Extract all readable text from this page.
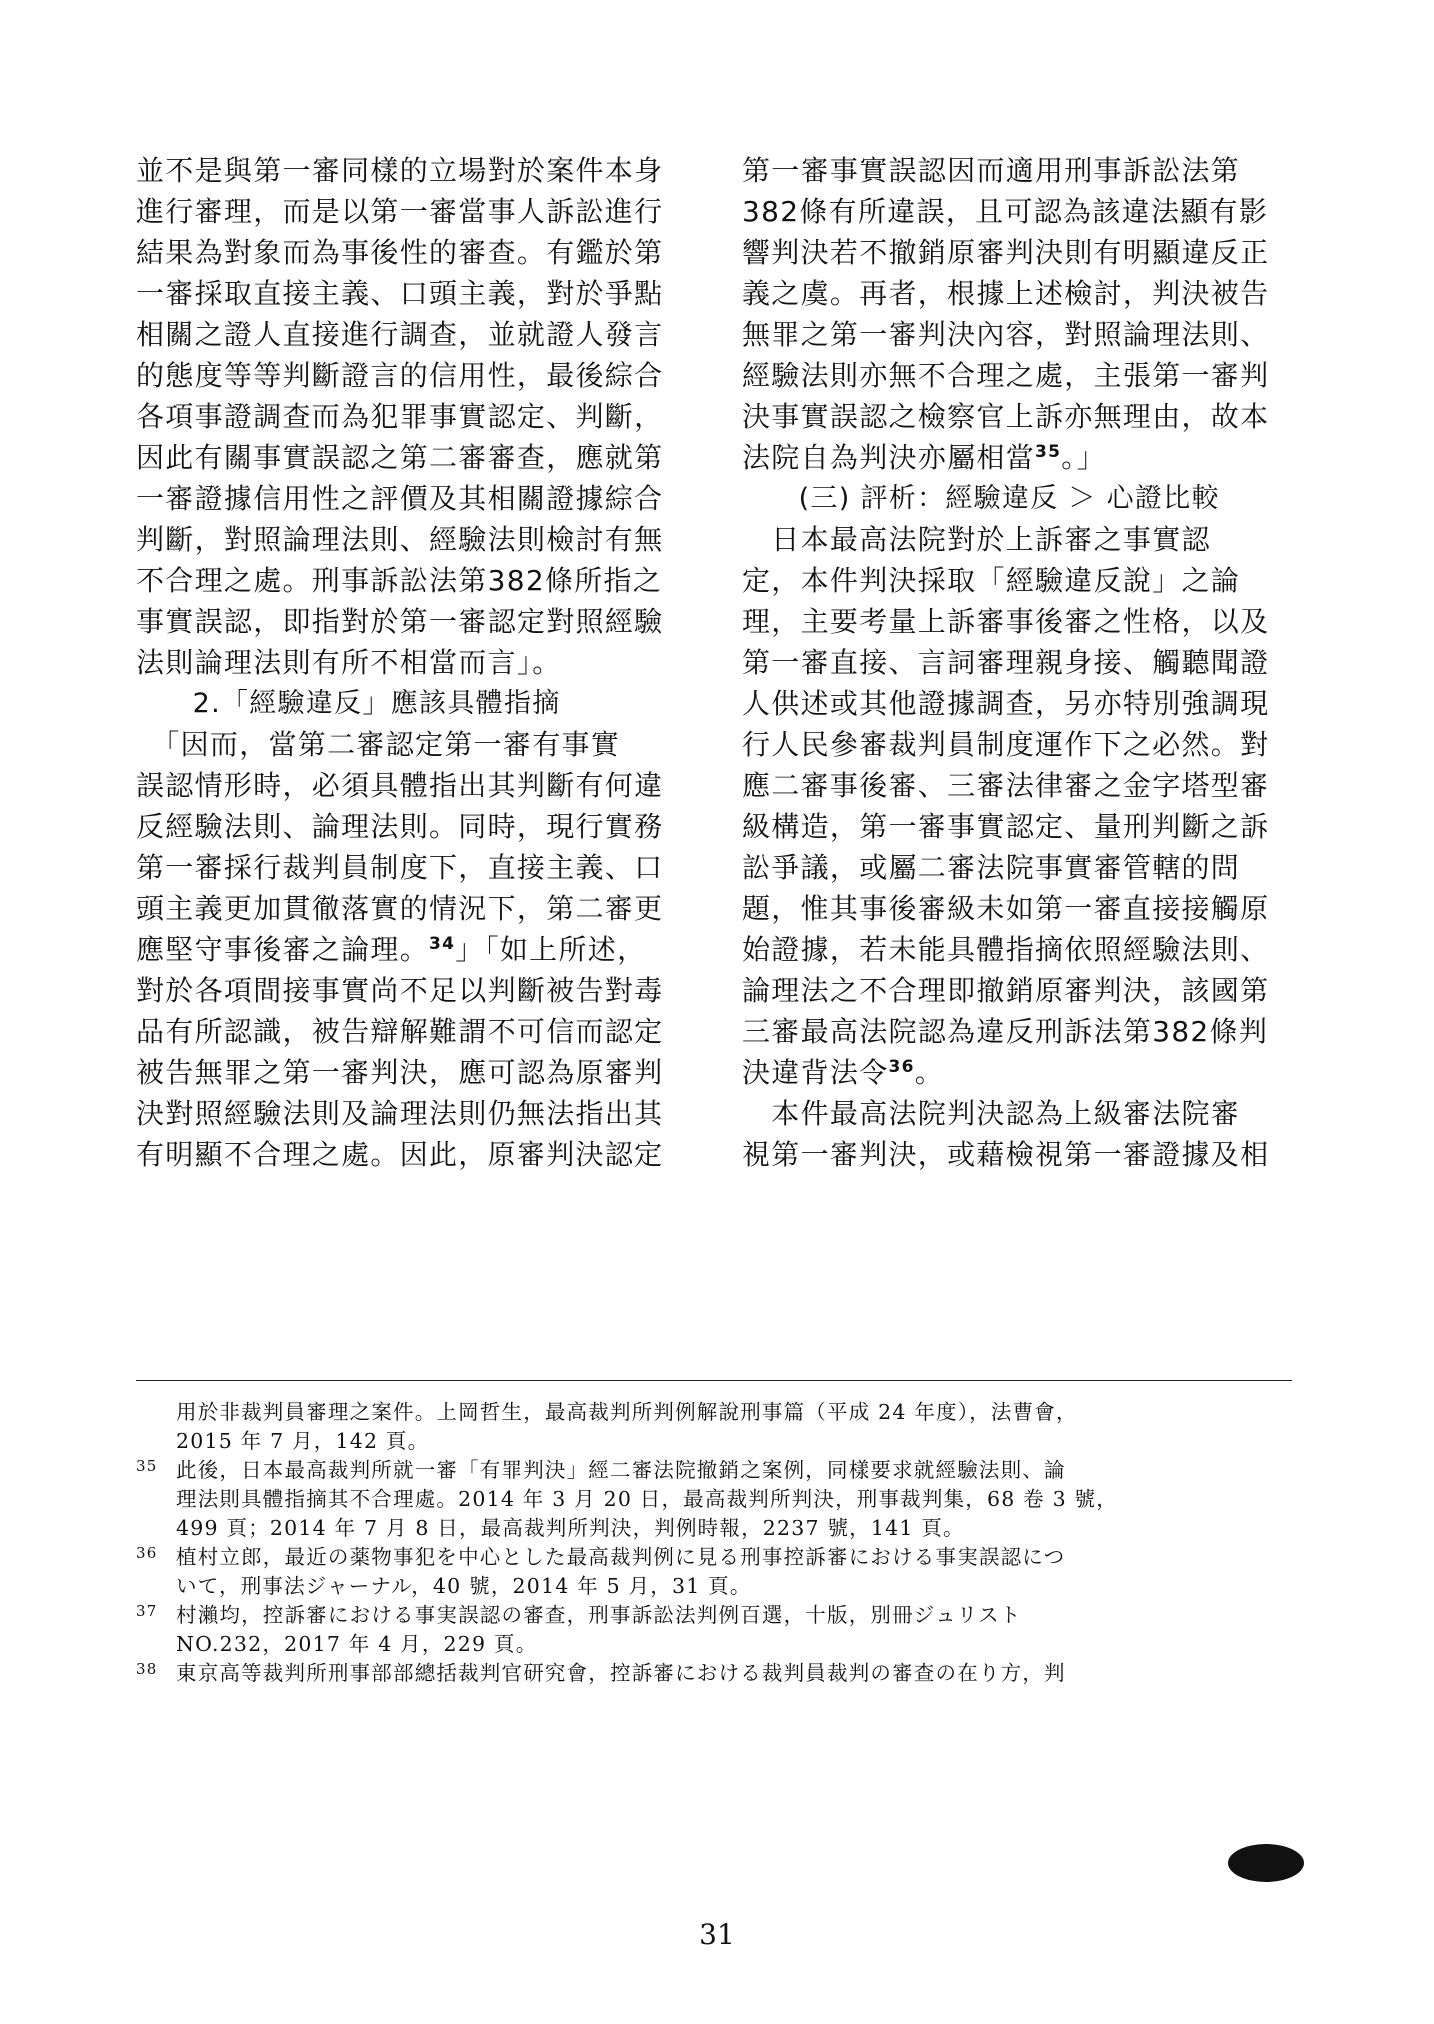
並不是與第一審同樣的立場對於案件本身
進行審理，而是以第一審當事人訴訟進行
結果為對象而為事後性的審查。有鑑於第
一審採取直接主義、口頭主義，對於爭點
相關之證人直接進行調查，並就證人發言
的態度等等判斷證言的信用性，最後綜合
各項事證調查而為犯罪事實認定、判斷，
因此有關事實誤認之第二審審查，應就第
一審證據信用性之評價及其相關證據綜合
判斷，對照論理法則、經驗法則檢討有無
不合理之處。刑事訴訟法第382條所指之
事實誤認，即指對於第一審認定對照經驗
法則論理法則有所不相當而言」。
　　2.「經驗違反」應該具體指摘
　「因而，當第二審認定第一審有事實
誤認情形時，必須具體指出其判斷有何違
反經驗法則、論理法則。同時，現行實務
第一審採行裁判員制度下，直接主義、口
頭主義更加貫徹落實的情況下，第二審更
應堅守事後審之論理。$^{34}$」「如上所述，
對於各項間接事實尚不足以判斷被告對毒
品有所認識，被告辯解難謂不可信而認定
被告無罪之第一審判決，應可認為原審判
決對照經驗法則及論理法則仍無法指出其
有明顯不合理之處。因此，原審判決認定
第一審事實誤認因而適用刑事訴訟法第
382條有所違誤，且可認為該違法顯有影
響判決若不撤銷原審判決則有明顯違反正
義之虞。再者，根據上述檢討，判決被告
無罪之第一審判決內容，對照論理法則、
經驗法則亦無不合理之處，主張第一審判
決事實誤認之檢察官上訴亦無理由，故本
法院自為判決亦屬相當$^{35}$。」
　　(三) 評析：經驗違反 ＞ 心證比較
　日本最高法院對於上訴審之事實認
定，本件判決採取「經驗違反說」之論
理，主要考量上訴審事後審之性格，以及
第一審直接、言詞審理親身接、觸聽聞證
人供述或其他證據調查，另亦特別強調現
行人民參審裁判員制度運作下之必然。對
應二審事後審、三審法律審之金字塔型審
級構造，第一審事實認定、量刑判斷之訴
訟爭議，或屬二審法院事實審管轄的問
題，惟其事後審級未如第一審直接接觸原
始證據，若未能具體指摘依照經驗法則、
論理法之不合理即撤銷原審判決，該國第
三審最高法院認為違反刑訴法第382條判
決違背法令$^{36}$。
　本件最高法院判決認為上級審法院審
視第一審判決，或藉檢視第一審證據及相
用於非裁判員審理之案件。上岡哲生，最高裁判所判例解說刑事篇（平成 24 年度），法曹會，
2015 年 7 月，142 頁。
35 此後，日本最高裁判所就一審「有罪判決」經二審法院撤銷之案例，同樣要求就經驗法則、論
理法則具體指摘其不合理處。2014 年 3 月 20 日，最高裁判所判決，刑事裁判集，68 卷 3 號，
499 頁；2014 年 7 月 8 日，最高裁判所判決，判例時報，2237 號，141 頁。
36 植村立郎，最近の薬物事犯を中心とした最高裁判例に見る刑事控訴審における事実誤認につ
いて，刑事法ジャーナル，40 號，2014 年 5 月，31 頁。
37 村瀨均，控訴審における事実誤認の審查，刑事訴訟法判例百選，十版，別冊ジュリスト
NO.232，2017 年 4 月，229 頁。
38 東京高等裁判所刑事部部總括裁判官研究會，控訴審における裁判員裁判の審查の在り方，判
31
